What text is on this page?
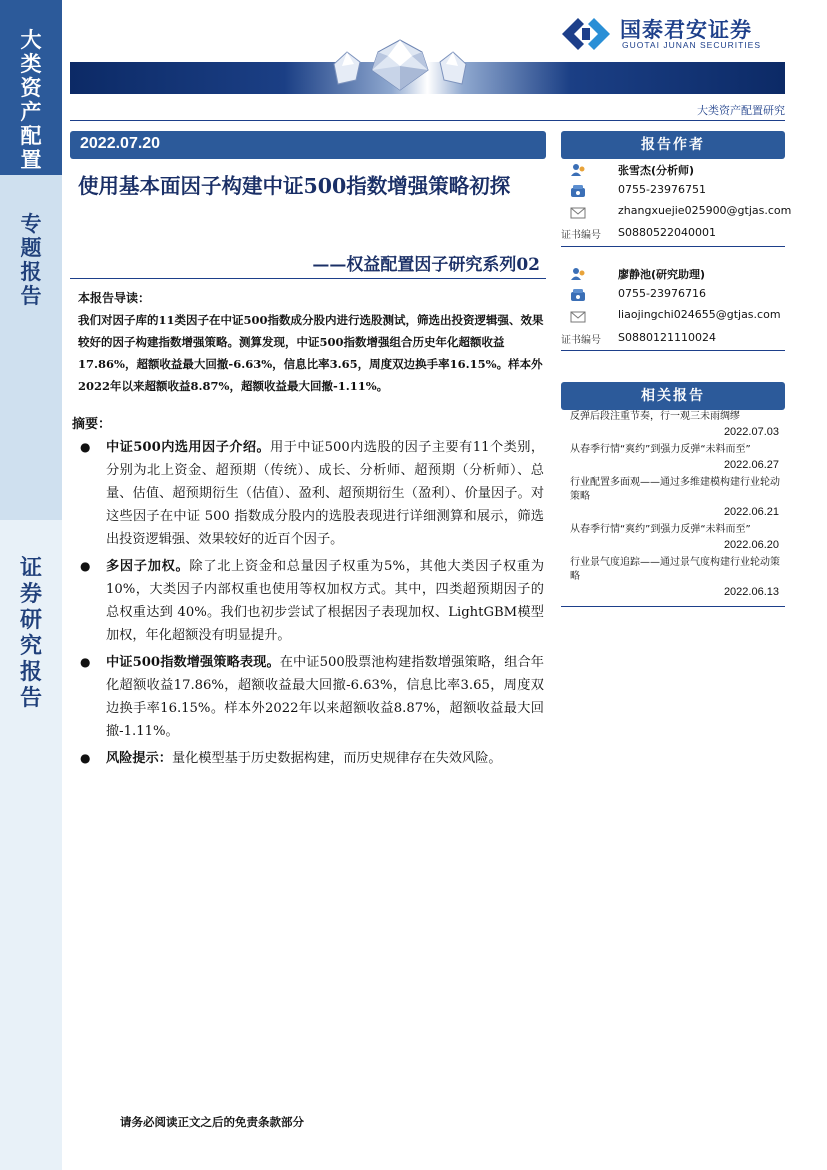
大
类
资
产
配
置
专
题
报
告
证
券
研
究
报
告
国泰君安证券
GUOTAI JUNAN SECURITIES
大类资产配置研究
2022.07.20
使用基本面因子构建中证500指数增强策略初探
——权益配置因子研究系列02
本报告导读：
我们对因子库的11类因子在中证500指数成分股内进行选股测试，筛选出投资逻辑强、效果较好的因子构建指数增强策略。测算发现，中证500指数增强组合历史年化超额收益17.86%，超额收益最大回撤-6.63%，信息比率3.65，周度双边换手率16.15%。样本外2022年以来超额收益8.87%，超额收益最大回撤-1.11%。
摘要：
● 中证500内选用因子介绍。用于中证500内选股的因子主要有11个类别，分别为北上资金、超预期（传统）、成长、分析师、超预期（分析师）、总量、估值、超预期衍生（估值）、盈利、超预期衍生（盈利）、价量因子。对这些因子在中证 500 指数成分股内的选股表现进行详细测算和展示，筛选出投资逻辑强、效果较好的近百个因子。
● 多因子加权。除了北上资金和总量因子权重为5%，其他大类因子权重为10%，大类因子内部权重也使用等权加权方式。其中，四类超预期因子的总权重达到 40%。我们也初步尝试了根据因子表现加权、LightGBM模型加权，年化超额没有明显提升。
● 中证500指数增强策略表现。在中证500股票池构建指数增强策略，组合年化超额收益17.86%，超额收益最大回撤-6.63%，信息比率3.65，周度双边换手率16.15%。样本外2022年以来超额收益8.87%，超额收益最大回撤-1.11%。
● 风险提示：量化模型基于历史数据构建，而历史规律存在失效风险。
报告作者
张雪杰(分析师)
0755-23976751
zhangxuejie025900@gtjas.com
证书编号 S0880522040001
廖静池(研究助理)
0755-23976716
liaojingchi024655@gtjas.com
证书编号 S0880121110024
相关报告
反弹后段注重节奏，行一观三未雨绸缪
2022.07.03
从春季行情“爽约”到强力反弹“未料而至”
2022.06.27
行业配置多面观——通过多维建模构建行业轮动策略
2022.06.21
从春季行情“爽约”到强力反弹“未料而至”
2022.06.20
行业景气度追踪——通过景气度构建行业轮动策略
2022.06.13
请务必阅读正文之后的免责条款部分
